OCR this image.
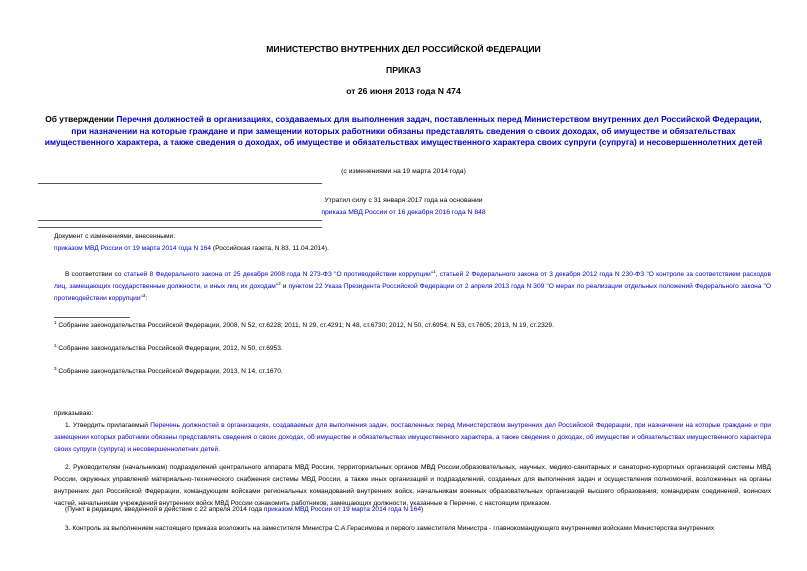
МИНИСТЕРСТВО ВНУТРЕННИХ ДЕЛ РОССИЙСКОЙ ФЕДЕРАЦИИ
ПРИКАЗ
от 26 июня 2013 года N 474
Об утверждении Перечня должностей в организациях, создаваемых для выполнения задач, поставленных перед Министерством внутренних дел Российской Федерации, при назначении на которые граждане и при замещении которых работники обязаны представлять сведения о своих доходах, об имуществе и обязательствах имущественного характера, а также сведения о доходах, об имуществе и обязательствах имущественного характера своих супруги (супруга) и несовершеннолетних детей
(с изменениями на 19 марта 2014 года)
Утратил силу с 31 января 2017 года на основании
приказа МВД России от 16 декабря 2016 года N 848
Документ с изменениями, внесенными:
приказом МВД России от 19 марта 2014 года N 164 (Российская газета, N 83, 11.04.2014).
В соответствии со статьей 8 Федерального закона от 25 декабря 2008 года N 273-ФЗ "О противодействии коррупции"$^1$, статьей 2 Федерального закона от 3 декабря 2012 года N 230-ФЗ "О контроле за соответствием расходов лиц, замещающих государственные должности, и иных лиц их доходам"$^2$ и пунктом 22 Указа Президента Российской Федерации от 2 апреля 2013 года N 309 "О мерах по реализации отдельных положений Федерального закона "О противодействии коррупции"$^3$:
$^1$ Собрание законодательства Российской Федерации, 2008, N 52, ст.6228; 2011, N 29, ст.4291; N 48, ст.6730; 2012, N 50, ст.6954; N 53, ст.7605; 2013, N 19, ст.2329.
$^2$ Собрание законодательства Российской Федерации, 2012, N 50, ст.6953.
$^3$ Собрание законодательства Российской Федерации, 2013, N 14, ст.1670.
приказываю:
1. Утвердить прилагаемый Перечень должностей в организациях, создаваемых для выполнения задач, поставленных перед Министерством внутренних дел Российской Федерации, при назначении на которые граждане и при замещении которых работники обязаны представлять сведения о своих доходах, об имуществе и обязательствах имущественного характера, а также сведения о доходах, об имуществе и обязательствах имущественного характера своих супруги (супруга) и несовершеннолетних детей.
2. Руководителям (начальникам) подразделений центрального аппарата МВД России, территориальных органов МВД России,образовательных, научных, медико-санитарных и санаторно-курортных организаций системы МВД России, окружных управлений материально-технического снабжения системы МВД России, а также иных организаций и подразделений, созданных для выполнения задач и осуществления полномочий, возложенных на органы внутренних дел Российской Федерации, командующим войсками региональных командований внутренних войск, начальникам военных образовательных организаций высшего образования, командирам соединений, воинских частей, начальникам учреждений внутренних войск МВД России ознакомить работников, замещающих должности, указанные в Перечне, с настоящим приказом.
(Пункт в редакции, введенной в действие с 22 апреля 2014 года приказом МВД России от 19 марта 2014 года N 164)
3. Контроль за выполнением настоящего приказа возложить на заместителя Министра С.А.Герасимова и первого заместителя Министра - главнокомандующего внутренними войсками Министерства внутренних
